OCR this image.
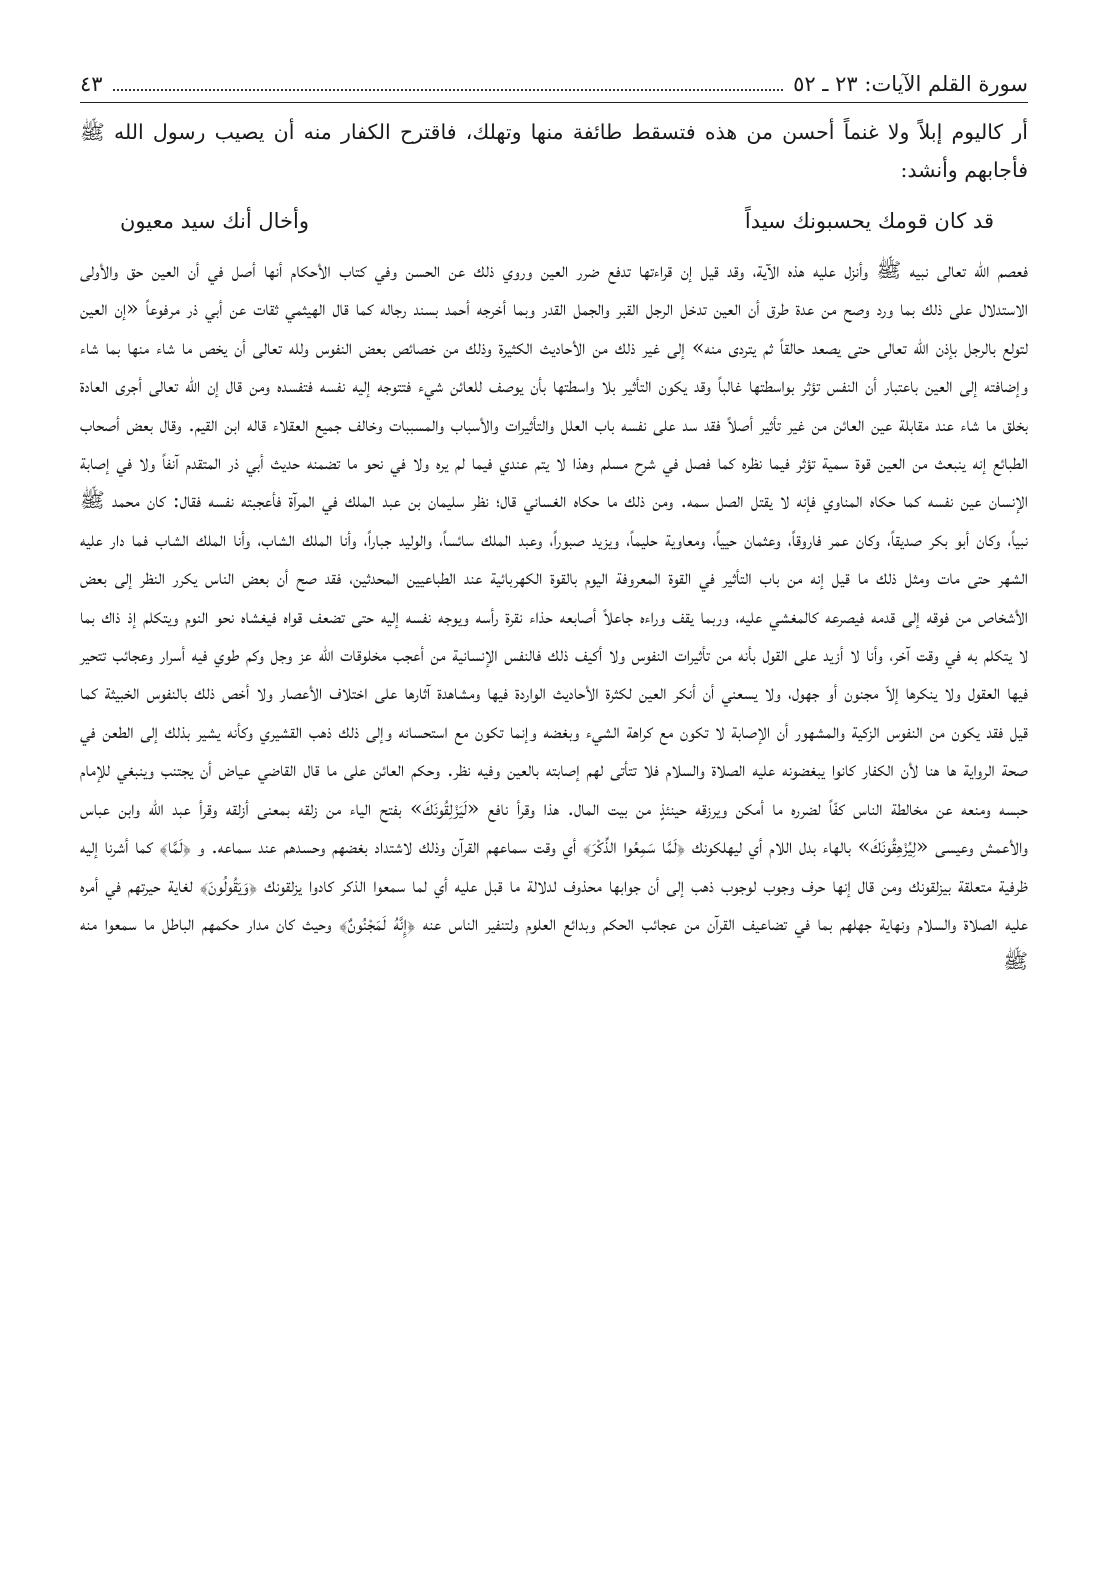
سورة القلم الآيات: ٢٣ ـ ٥٢
٤٣
أر كاليوم إبلاً ولا غنماً أحسن من هذه فتسقط طائفة منها وتهلك، فاقترح الكفار منه أن يصيب رسول الله ﷺ فأجابهم وأنشد:
قد كان قومك يحسبونك سيداً
وأخال أنك سيد معيون

فعصم الله تعالى نبيه ﷺ وأنزل عليه هذه الآية، وقد قيل إن قراءتها تدفع ضرر العين وروي ذلك عن الحسن وفي كتاب الأحكام أنها أصل في أن العين حق والأولى الاستدلال على ذلك بما ورد وصح من عدة طرق أن العين تدخل الرجل القبر والجمل القدر وبما أخرجه أحمد بسند رجاله كما قال الهيثمي ثقات عن أبي ذر مرفوعاً «إن العين لتولع بالرجل بإذن الله تعالى حتى يصعد حالقاً ثم يتردى منه» إلى غير ذلك من الأحاديث الكثيرة وذلك من خصائص بعض النفوس ولله تعالى أن يخص ما شاء منها بما شاء وإضافته إلى العين باعتبار أن النفس تؤثر بواسطتها غالباً وقد يكون التأثير بلا واسطتها بأن يوصف للعائن شيء فتتوجه إليه نفسه فتفسده ومن قال إن الله تعالى أجرى العادة بخلق ما شاء عند مقابلة عين العائن من غير تأثير أصلاً فقد سد على نفسه باب العلل والتأثيرات والأسباب والمسببات وخالف جميع العقلاء قاله ابن القيم. وقال بعض أصحاب الطبائع إنه ينبعث من العين قوة سمية تؤثر فيما نظره كما فصل في شرح مسلم وهذا لا يتم عندي فيما لم يره ولا في نحو ما تضمنه حديث أبي ذر المتقدم آنفاً ولا في إصابة الإنسان عين نفسه كما حكاه المناوي فإنه لا يقتل الصل سمه. ومن ذلك ما حكاه الغساني قال؛ نظر سليمان بن عبد الملك في المرآة فأعجبته نفسه فقال: كان محمد ﷺ نبياً، وكان أبو بكر صديقاً، وكان عمر فاروقاً، وعثمان حيياً، ومعاوية حليماً، ويزيد صبوراً، وعبد الملك سائساً، والوليد جباراً، وأنا الملك الشاب، وأنا الملك الشاب فما دار عليه الشهر حتى مات ومثل ذلك ما قيل إنه من باب التأثير في القوة المعروفة اليوم بالقوة الكهربائية عند الطباعيين المحدثين، فقد صح أن بعض الناس يكرر النظر إلى بعض الأشخاص من فوقه إلى قدمه فيصرعه كالمغشي عليه، وربما يقف وراءه جاعلاً أصابعه حذاء نقرة رأسه ويوجه نفسه إليه حتى تضعف قواه فيغشاه نحو النوم ويتكلم إذ ذاك بما لا يتكلم به في وقت آخر، وأنا لا أزيد على القول بأنه من تأثيرات النفوس ولا أكيف ذلك فالنفس الإنسانية من أعجب مخلوقات الله عز وجل وكم طوي فيه أسرار وعجائب تتحير فيها العقول ولا ينكرها إلاّ مجنون أو جهول، ولا يسعني أن أنكر العين لكثرة الأحاديث الواردة فيها ومشاهدة آثارها على اختلاف الأعصار ولا أخص ذلك بالنفوس الخبيثة كما قيل فقد يكون من النفوس الزكية والمشهور أن الإصابة لا تكون مع كراهة الشيء وبغضه وإنما تكون مع استحسانه وإلى ذلك ذهب القشيري وكأنه يشير بذلك إلى الطعن في صحة الرواية ها هنا لأن الكفار كانوا يبغضونه عليه الصلاة والسلام فلا تتأتى لهم إصابته بالعين وفيه نظر. وحكم العائن على ما قال القاضي عياض أن يجتنب وينبغي للإمام حبسه ومنعه عن مخالطة الناس كفّاً لضرره ما أمكن ويرزقه حينئذٍ من بيت المال. هذا وقرأ نافع «لَيَزْلِقُونَكَ» بفتح الياء من زلقه بمعنى أزلقه وقرأ عبد الله وابن عباس والأعمش وعيسى «لِيُزْهِقُونَكَ» بالهاء بدل اللام أي ليهلكونك ﴿لَمَّا سَمِعُوا الذِّكْرَ﴾ أي وقت سماعهم القرآن وذلك لاشتداد بغضهم وحسدهم عند سماعه. و ﴿لَمَّا﴾ كما أشرنا إليه ظرفية متعلقة بيزلقونك ومن قال إنها حرف وجوب لوجوب ذهب إلى أن جوابها محذوف لدلالة ما قبل عليه أي لما سمعوا الذكر كادوا يزلقونك ﴿وَيَقُولُونَ﴾ لغاية حيرتهم في أمره عليه الصلاة والسلام ونهاية جهلهم بما في تضاعيف القرآن من عجائب الحكم وبدائع العلوم ولتنفير الناس عنه ﴿إِنَّهُ لَمَجْنُونٌ﴾ وحيث كان مدار حكمهم الباطل ما سمعوا منه ﷺ
